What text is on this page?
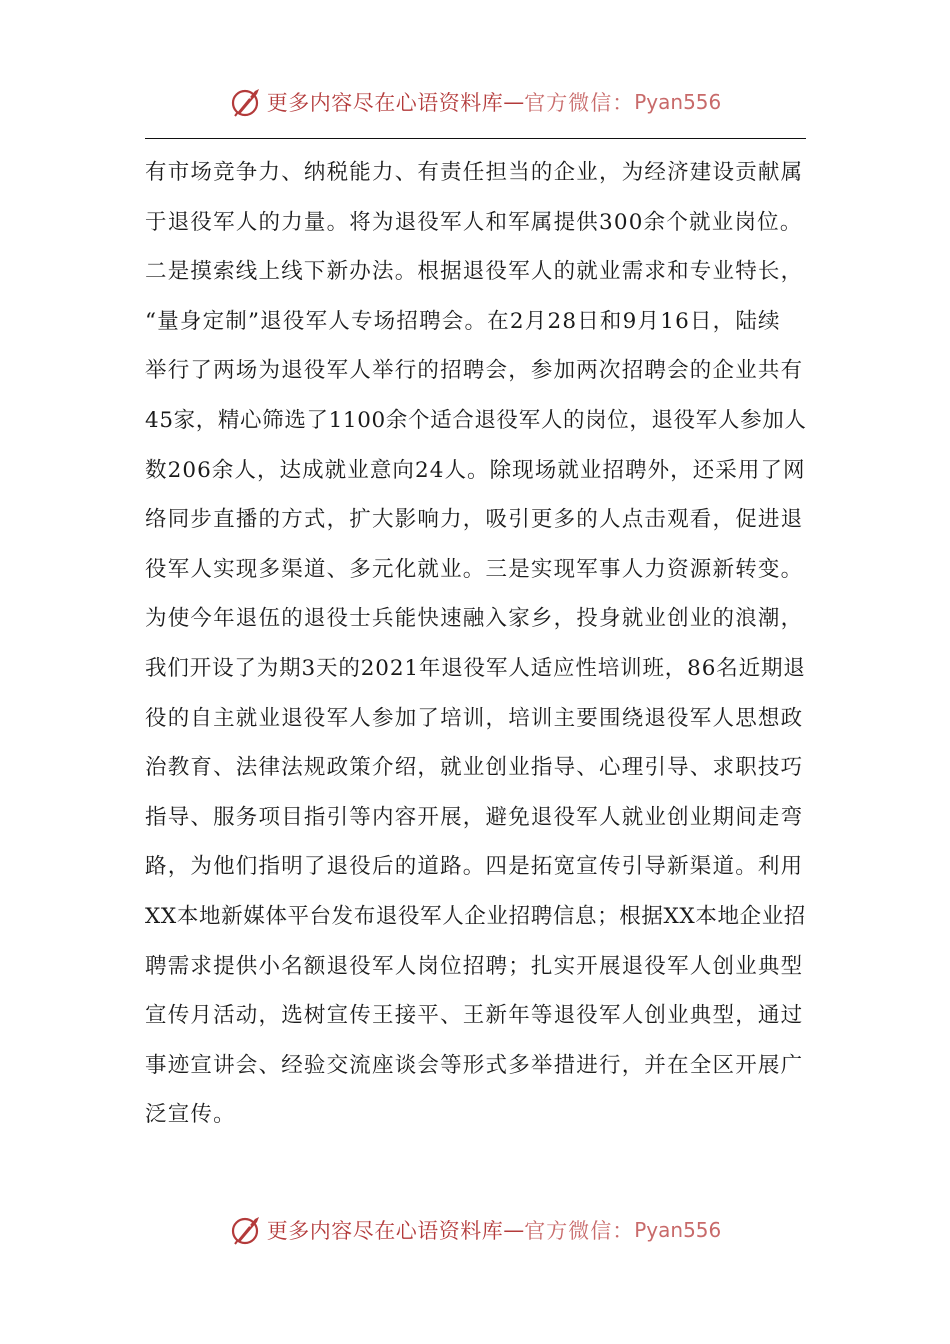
更多内容尽在心语资料库 — 官方微信： Pyan556
有市场竞争力、纳税能力、有责任担当的企业，为经济建设贡献属
于退役军人的力量。将为退役军人和军属提供300余个就业岗位。
二是摸索线上线下新办法。根据退役军人的就业需求和专业特长，
“量身定制”退役军人专场招聘会。在2月28日和9月16日，陆续
举行了两场为退役军人举行的招聘会，参加两次招聘会的企业共有
45家，精心筛选了1100余个适合退役军人的岗位，退役军人参加人
数206余人，达成就业意向24人。除现场就业招聘外，还采用了网
络同步直播的方式，扩大影响力，吸引更多的人点击观看，促进退
役军人实现多渠道、多元化就业。三是实现军事人力资源新转变。
为使今年退伍的退役士兵能快速融入家乡，投身就业创业的浪潮，
我们开设了为期3天的2021年退役军人适应性培训班，86名近期退
役的自主就业退役军人参加了培训，培训主要围绕退役军人思想政
治教育、法律法规政策介绍，就业创业指导、心理引导、求职技巧
指导、服务项目指引等内容开展，避免退役军人就业创业期间走弯
路，为他们指明了退役后的道路。四是拓宽宣传引导新渠道。利用
XX本地新媒体平台发布退役军人企业招聘信息；根据XX本地企业招
聘需求提供小名额退役军人岗位招聘；扎实开展退役军人创业典型
宣传月活动，选树宣传王接平、王新年等退役军人创业典型，通过
事迹宣讲会、经验交流座谈会等形式多举措进行，并在全区开展广
泛宣传。
更多内容尽在心语资料库 — 官方微信： Pyan556
